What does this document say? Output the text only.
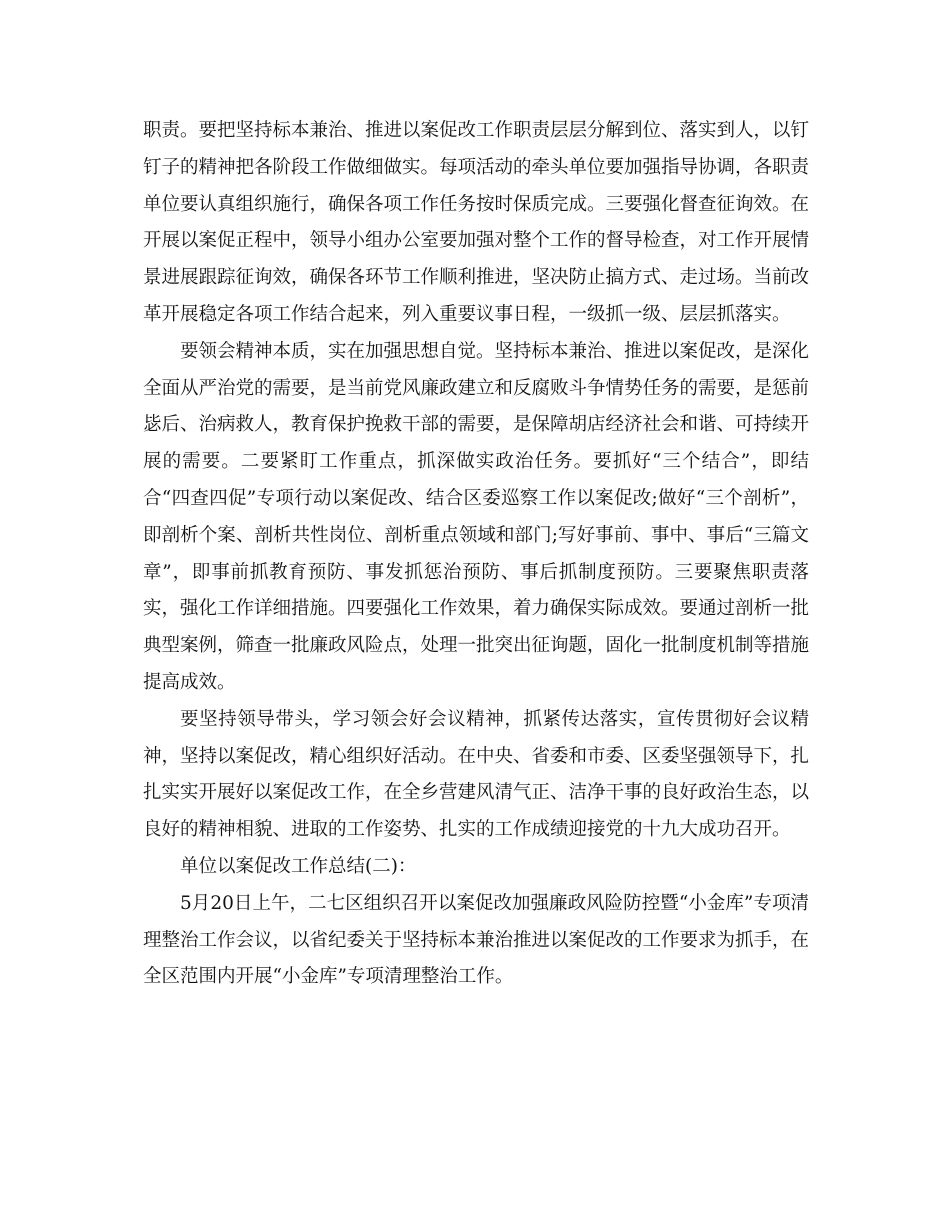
职责。要把坚持标本兼治、推进以案促改工作职责层层分解到位、落实到人，以钉钉子的精神把各阶段工作做细做实。每项活动的牵头单位要加强指导协调，各职责单位要认真组织施行，确保各项工作任务按时保质完成。三要强化督查征询效。在开展以案促正程中，领导小组办公室要加强对整个工作的督导检查，对工作开展情景进展跟踪征询效，确保各环节工作顺利推进，坚决防止搞方式、走过场。当前改革开展稳定各项工作结合起来，列入重要议事日程，一级抓一级、层层抓落实。

要领会精神本质，实在加强思想自觉。坚持标本兼治、推进以案促改，是深化全面从严治党的需要，是当前党风廉政建立和反腐败斗争情势任务的需要，是惩前毖后、治病救人，教育保护挽救干部的需要，是保障胡店经济社会和谐、可持续开展的需要。二要紧盯工作重点，抓深做实政治任务。要抓好“三个结合”，即结合“四查四促”专项行动以案促改、结合区委巡察工作以案促改;做好“三个剖析”，即剖析个案、剖析共性岗位、剖析重点领域和部门;写好事前、事中、事后“三篇文章”，即事前抓教育预防、事发抓惩治预防、事后抓制度预防。三要聚焦职责落实，强化工作详细措施。四要强化工作效果，着力确保实际成效。要通过剖析一批典型案例，筛查一批廉政风险点，处理一批突出征询题，固化一批制度机制等措施提高成效。

要坚持领导带头，学习领会好会议精神，抓紧传达落实，宣传贯彻好会议精神，坚持以案促改，精心组织好活动。在中央、省委和市委、区委坚强领导下，扎扎实实开展好以案促改工作，在全乡营建风清气正、洁净干事的良好政治生态，以良好的精神相貌、进取的工作姿势、扎实的工作成绩迎接党的十九大成功召开。

单位以案促改工作总结(二)：

5月20日上午，二七区组织召开以案促改加强廉政风险防控暨“小金库”专项清理整治工作会议，以省纪委关于坚持标本兼治推进以案促改的工作要求为抓手，在全区范围内开展“小金库”专项清理整治工作。
